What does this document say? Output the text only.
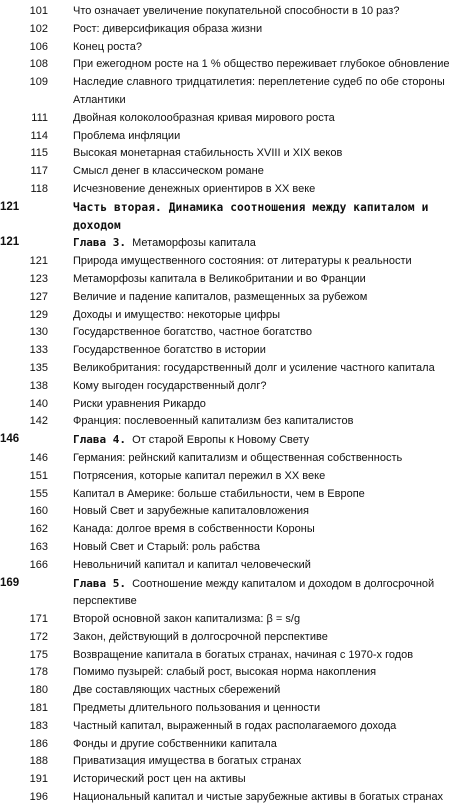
101	Что означает увеличение покупательной способности в 10 раз?
102	Рост: диверсификация образа жизни
106	Конец роста?
108	При ежегодном росте на 1 % общество переживает глубокое обновление
109	Наследие славного тридцатилетия: переплетение судеб по обе стороны Атлантики
111	Двойная колоколообразная кривая мирового роста
114	Проблема инфляции
115	Высокая монетарная стабильность XVIII и XIX веков
117	Смысл денег в классическом романе
118	Исчезновение денежных ориентиров в XX веке
121	Часть вторая. Динамика соотношения между капиталом и доходом
121	Глава 3. Метаморфозы капитала
121	Природа имущественного состояния: от литературы к реальности
123	Метаморфозы капитала в Великобритании и во Франции
127	Величие и падение капиталов, размещенных за рубежом
129	Доходы и имущество: некоторые цифры
130	Государственное богатство, частное богатство
133	Государственное богатство в истории
135	Великобритания: государственный долг и усиление частного капитала
138	Кому выгоден государственный долг?
140	Риски уравнения Рикардо
142	Франция: послевоенный капитализм без капиталистов
146	Глава 4. От старой Европы к Новому Свету
146	Германия: рейнский капитализм и общественная собственность
151	Потрясения, которые капитал пережил в XX веке
155	Капитал в Америке: больше стабильности, чем в Европе
160	Новый Свет и зарубежные капиталовложения
162	Канада: долгое время в собственности Короны
163	Новый Свет и Старый: роль рабства
166	Невольничий капитал и капитал человеческий
169	Глава 5. Соотношение между капиталом и доходом в долгосрочной перспективе
171	Второй основной закон капитализма: β = s/g
172	Закон, действующий в долгосрочной перспективе
175	Возвращение капитала в богатых странах, начиная с 1970-х годов
178	Помимо пузырей: слабый рост, высокая норма накопления
180	Две составляющих частных сбережений
181	Предметы длительного пользования и ценности
183	Частный капитал, выраженный в годах располагаемого дохода
186	Фонды и другие собственники капитала
188	Приватизация имущества в богатых странах
191	Исторический рост цен на активы
196	Национальный капитал и чистые зарубежные активы в богатых странах
